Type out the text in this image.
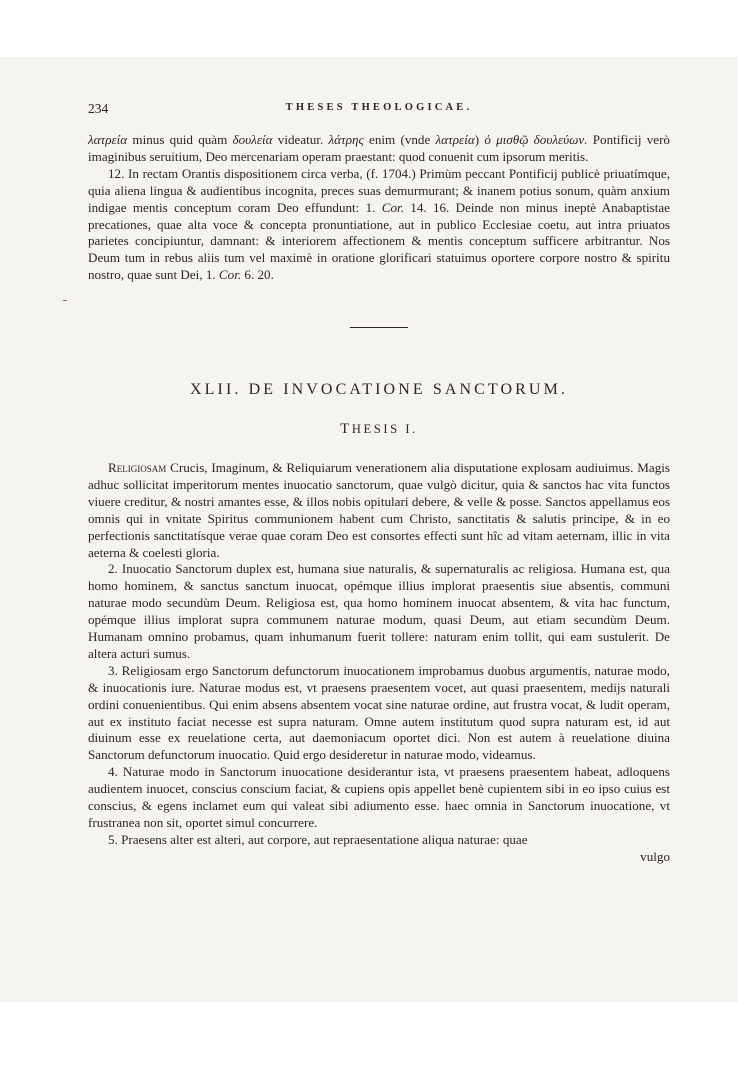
234	THESES THEOLOGICAE.

λατρεία minus quid quàm δουλεία videatur. λάτρης enim (vnde λατρεία) ὁ μισθῷ δουλεύων. Pontificij verò imaginibus seruitium, Deo mercenariam operam praestant: quod conuenit cum ipsorum meritis.

12. In rectam Orantis dispositionem circa verba, (f. 1704.) Primùm peccant Pontificij publicè priuatímque, quia aliena lingua & audientibus incognita, preces suas demurmurant; & inanem potius sonum, quàm anxium indigae mentis conceptum coram Deo effundunt: 1. Cor. 14. 16. Deinde non minus ineptè Anabaptistae precationes, quae alta voce & concepta pronuntiatione, aut in publico Ecclesiae coetu, aut intra priuatos parietes concipiuntur, damnant: & interiorem affectionem & mentis conceptum sufficere arbitrantur. Nos Deum tum in rebus aliis tum vel maximè in oratione glorificari statuimus oportere corpore nostro & spiritu nostro, quae sunt Dei, 1. Cor. 6. 20.

XLII. DE INVOCATIONE SANCTORUM.
THESIS I.

Religiosam Crucis, Imaginum, & Reliquiarum venerationem alia disputatione explosam audiuimus. Magis adhuc sollicitat imperitorum mentes inuocatio sanctorum, quae vulgò dicitur, quia & sanctos hac vita functos viuere creditur, & nostri amantes esse, & illos nobis opitulari debere, & velle & posse. Sanctos appellamus eos omnis qui in vnitate Spiritus communionem habent cum Christo, sanctitatis & salutis principe, & in eo perfectionis sanctitatísque verae quae coram Deo est consortes effecti sunt hîc ad vitam aeternam, illic in vita aeterna & coelesti gloria.

2. Inuocatio Sanctorum duplex est, humana siue naturalis, & supernaturalis ac religiosa. Humana est, qua homo hominem, & sanctus sanctum inuocat, opémque illius implorat praesentis siue absentis, communi naturae modo secundùm Deum. Religiosa est, qua homo hominem inuocat absentem, & vita hac functum, opémque illius implorat supra communem naturae modum, quasi Deum, aut etiam secundùm Deum. Humanam omnino probamus, quam inhumanum fuerit tollere: naturam enim tollit, qui eam sustulerit. De altera acturi sumus.

3. Religiosam ergo Sanctorum defunctorum inuocationem improbamus duobus argumentis, naturae modo, & inuocationis iure. Naturae modus est, vt praesens praesentem vocet, aut quasi praesentem, medijs naturali ordini conuenientibus. Qui enim absens absentem vocat sine naturae ordine, aut frustra vocat, & ludit operam, aut ex instituto faciat necesse est supra naturam. Omne autem institutum quod supra naturam est, id aut diuinum esse ex reuelatione certa, aut daemoniacum oportet dici. Non est autem à reuelatione diuina Sanctorum defunctorum inuocatio. Quid ergo desideretur in naturae modo, videamus.

4. Naturae modo in Sanctorum inuocatione desiderantur ista, vt praesens praesentem habeat, adloquens audientem inuocet, conscius conscium faciat, & cupiens opis appellet benè cupientem sibi in eo ipso cuius est conscius, & egens inclamet eum qui valeat sibi adiumento esse. haec omnia in Sanctorum inuocatione, vt frustranea non sit, oportet simul concurrere.

5. Praesens alter est alteri, aut corpore, aut repraesentatione aliqua naturae: quae

vulgo
